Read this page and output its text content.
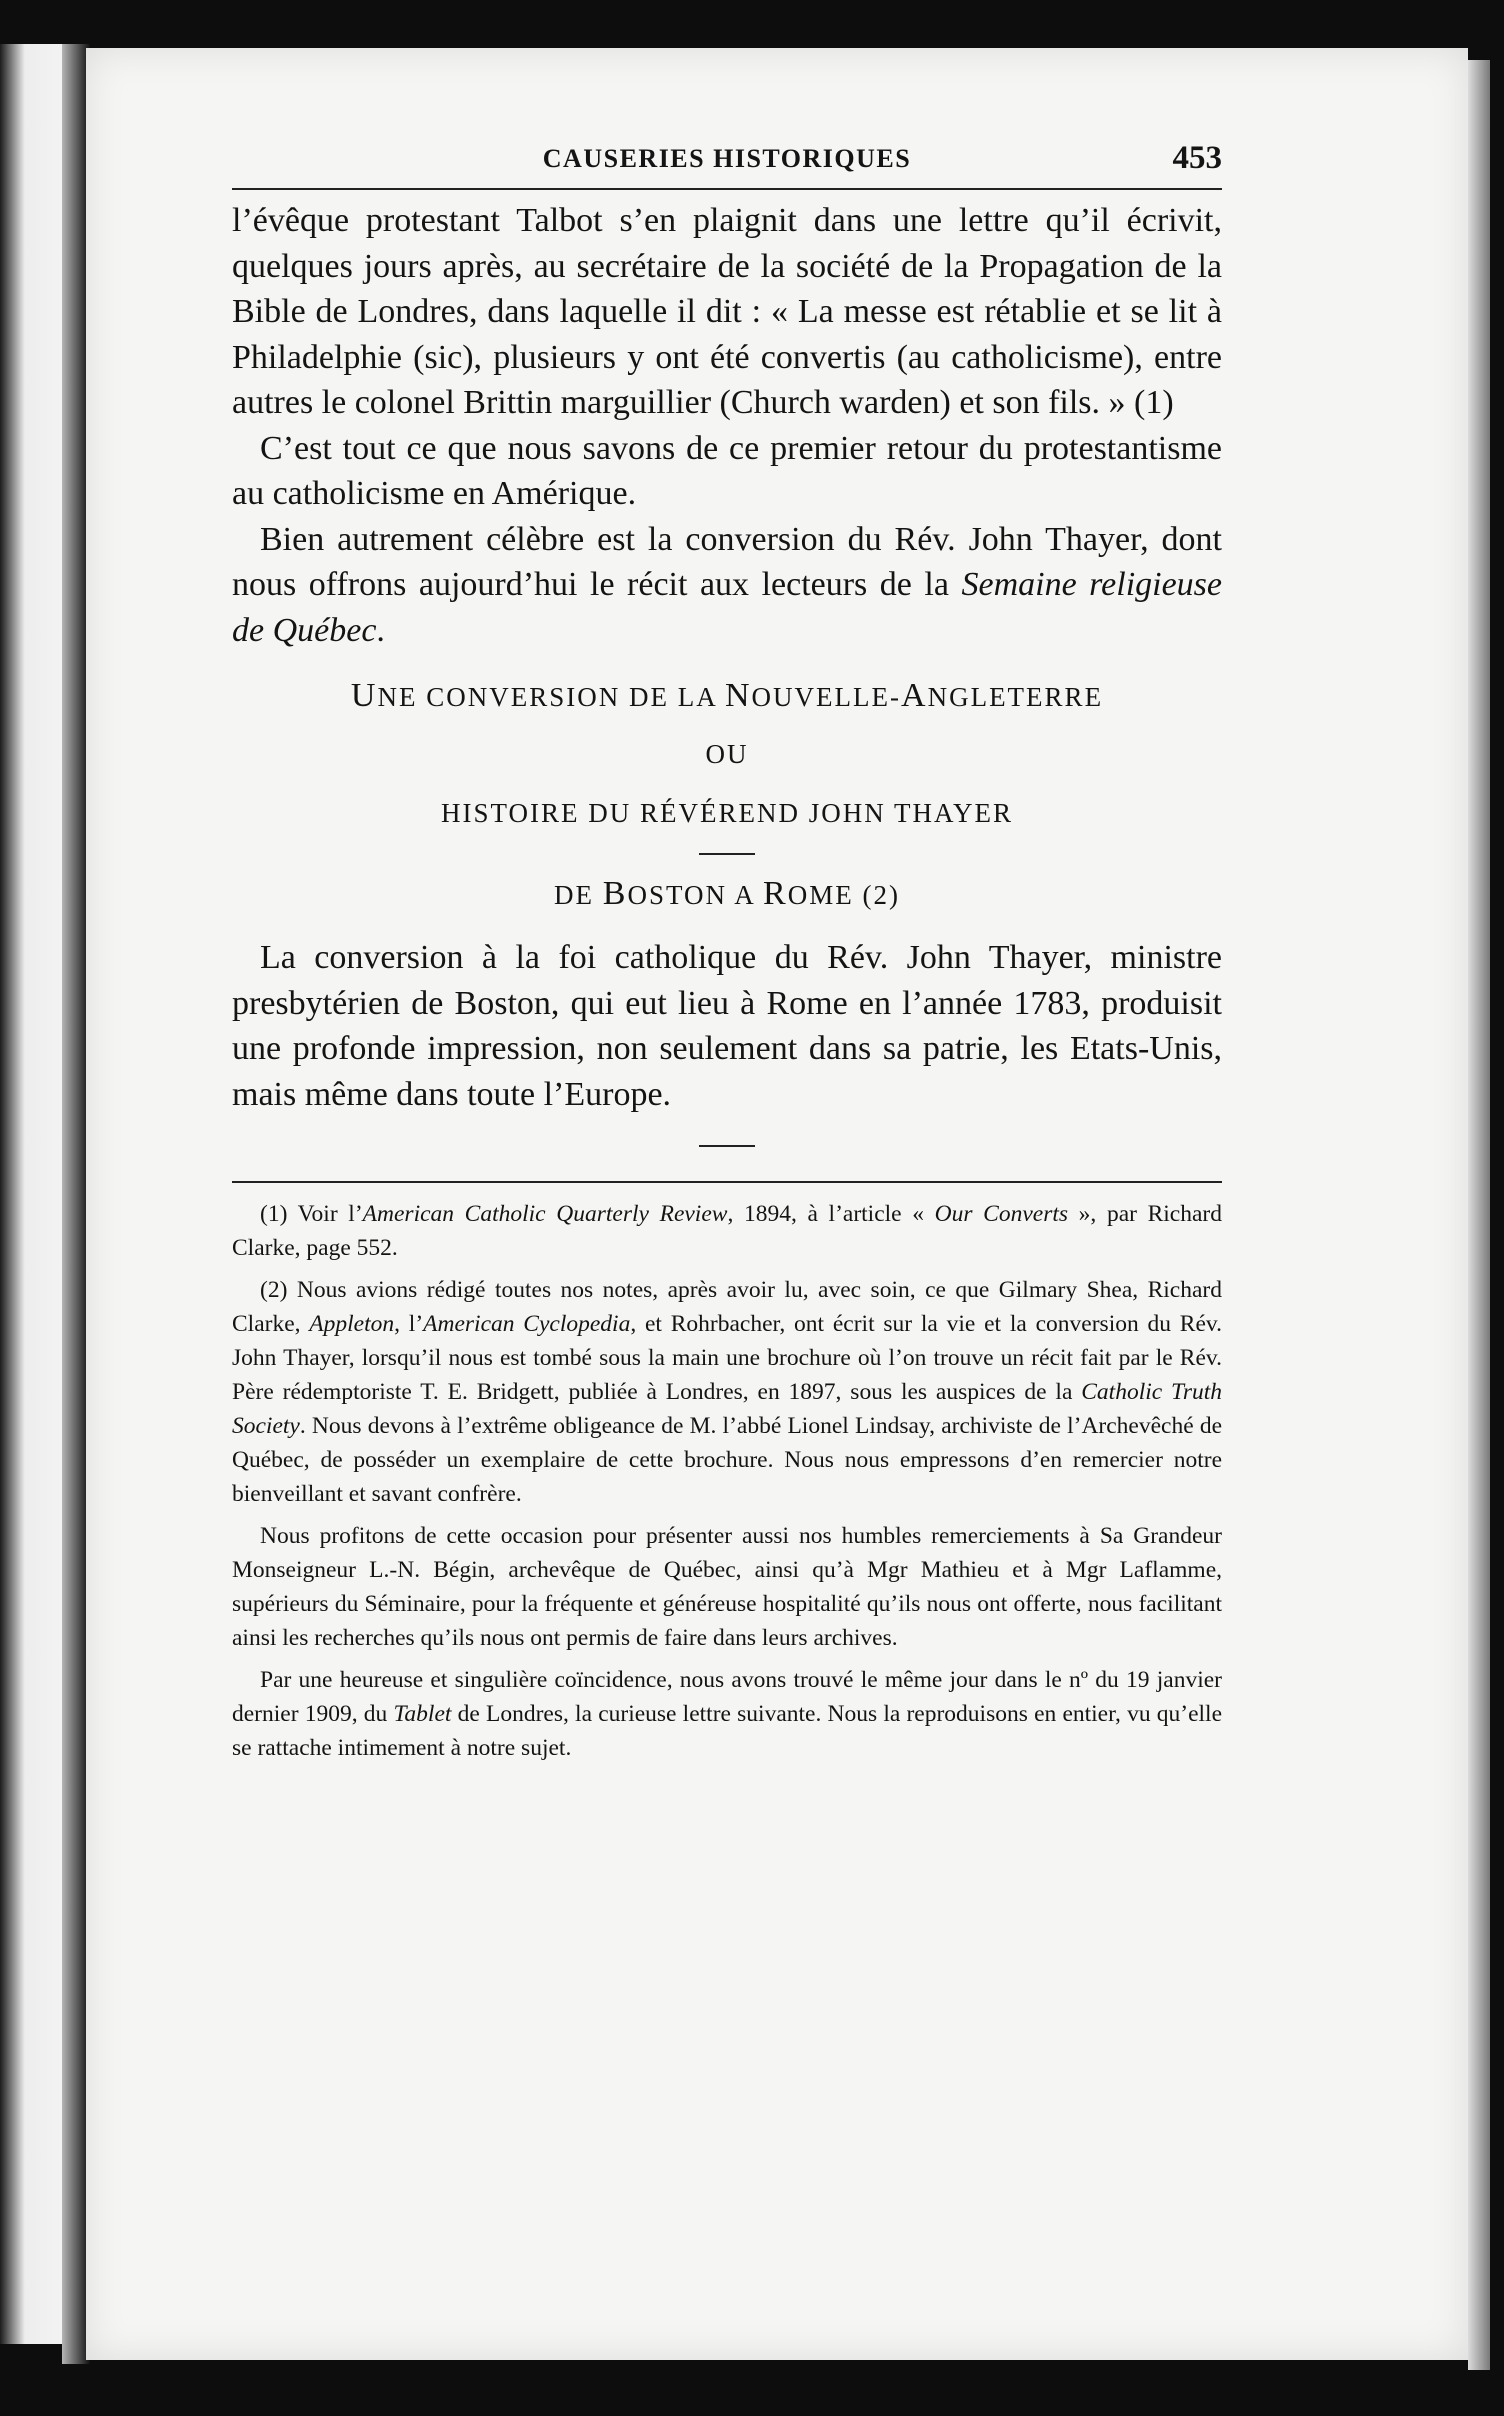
CAUSERIES HISTORIQUES	453

l’évêque protestant Talbot s’en plaignit dans une lettre qu’il écrivit, quelques jours après, au secrétaire de la société de la Propagation de la Bible de Londres, dans laquelle il dit : « La messe est rétablie et se lit à Philadelphie (sic), plusieurs y ont été convertis (au catholicisme), entre autres le colonel Brittin marguillier (Church warden) et son fils. » (1)

C’est tout ce que nous savons de ce premier retour du protestantisme au catholicisme en Amérique.

Bien autrement célèbre est la conversion du Rév. John Thayer, dont nous offrons aujourd’hui le récit aux lecteurs de la Semaine religieuse de Québec.

UNE CONVERSION DE LA NOUVELLE-ANGLETERRE

OU

HISTOIRE DU RÉVÉREND JOHN THAYER

DE BOSTON A ROME (2)

La conversion à la foi catholique du Rév. John Thayer, ministre presbytérien de Boston, qui eut lieu à Rome en l’année 1783, produisit une profonde impression, non seulement dans sa patrie, les Etats-Unis, mais même dans toute l’Europe.

(1) Voir l’American Catholic Quarterly Review, 1894, à l’article « Our Converts », par Richard Clarke, page 552.

(2) Nous avions rédigé toutes nos notes, après avoir lu, avec soin, ce que Gilmary Shea, Richard Clarke, Appleton, l’American Cyclopedia, et Rohrbacher, ont écrit sur la vie et la conversion du Rév. John Thayer, lorsqu’il nous est tombé sous la main une brochure où l’on trouve un récit fait par le Rév. Père rédemptoriste T. E. Bridgett, publiée à Londres, en 1897, sous les auspices de la Catholic Truth Society. Nous devons à l’extrême obligeance de M. l’abbé Lionel Lindsay, archiviste de l’Archevêché de Québec, de posséder un exemplaire de cette brochure. Nous nous empressons d’en remercier notre bienveillant et savant confrère.

Nous profitons de cette occasion pour présenter aussi nos humbles remerciements à Sa Grandeur Monseigneur L.-N. Bégin, archevêque de Québec, ainsi qu’à Mgr Mathieu et à Mgr Laflamme, supérieurs du Séminaire, pour la fréquente et généreuse hospitalité qu’ils nous ont offerte, nous facilitant ainsi les recherches qu’ils nous ont permis de faire dans leurs archives.

Par une heureuse et singulière coïncidence, nous avons trouvé le même jour dans le nº du 19 janvier dernier 1909, du Tablet de Londres, la curieuse lettre suivante. Nous la reproduisons en entier, vu qu’elle se rattache intimement à notre sujet.
